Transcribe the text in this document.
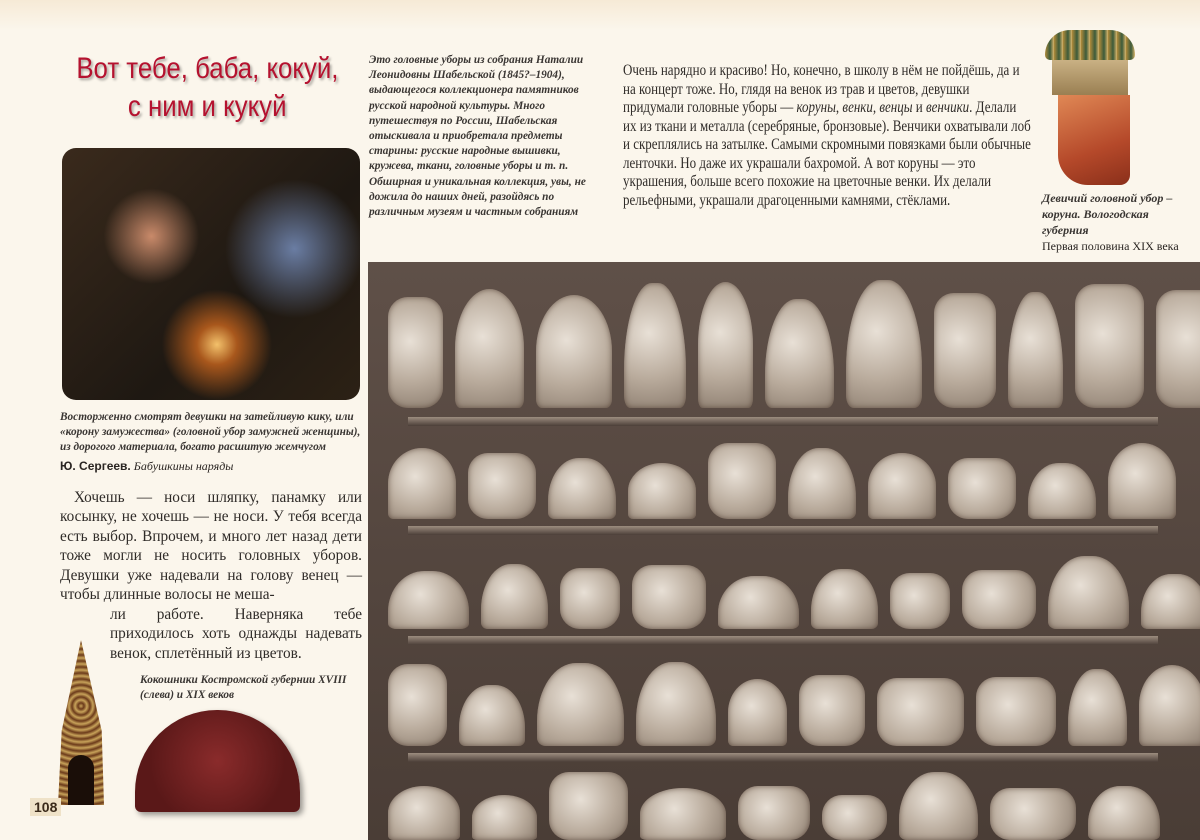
Вот тебе, баба, кокуй,
с ним и кукуй
Восторженно смотрят девушки на затейливую кику, или «корону замужества» (головной убор замужней женщины), из дорогого материала, богато расшитую жемчугом
Ю. Сергеев. Бабушкины наряды
Хочешь — носи шляпку, панамку или косынку, не хочешь — не носи. У тебя всегда есть выбор. Впрочем, и много лет назад дети тоже могли не носить головных уборов. Девушки уже надевали на голову венец — чтобы длинные волосы не меша-
ли работе. Наверняка тебе приходилось хоть однажды надевать венок, сплетённый из цветов.
Кокошники Костромской губернии XVIII (слева) и XIX веков
108
Это головные уборы из собрания Наталии Леонидовны Шабельской (1845?–1904), выдающегося коллекционера памятников русской народной культуры. Много путешествуя по России, Шабельская отыскивала и приобретала предметы старины: русские народные вышивки, кружева, ткани, головные уборы и т. п. Обширная и уникальная коллекция, увы, не дожила до наших дней, разойдясь по различным музеям и частным собраниям
Очень нарядно и красиво! Но, конечно, в школу в нём не пойдёшь, да и на концерт тоже. Но, глядя на венок из трав и цветов, девушки придумали головные уборы — коруны, венки, венцы и венчики. Делали их из ткани и металла (серебряные, бронзовые). Венчики охватывали лоб и скреплялись на затылке. Самыми скромными повязками были обычные ленточки. Но даже их украшали бахромой. А вот коруны — это украшения, больше всего похожие на цветочные венки. Их делали рельефными, украшали драгоценными камнями, стёклами.	Девичий головной убор – коруна. Вологодская губерния
Первая половина XIX века
